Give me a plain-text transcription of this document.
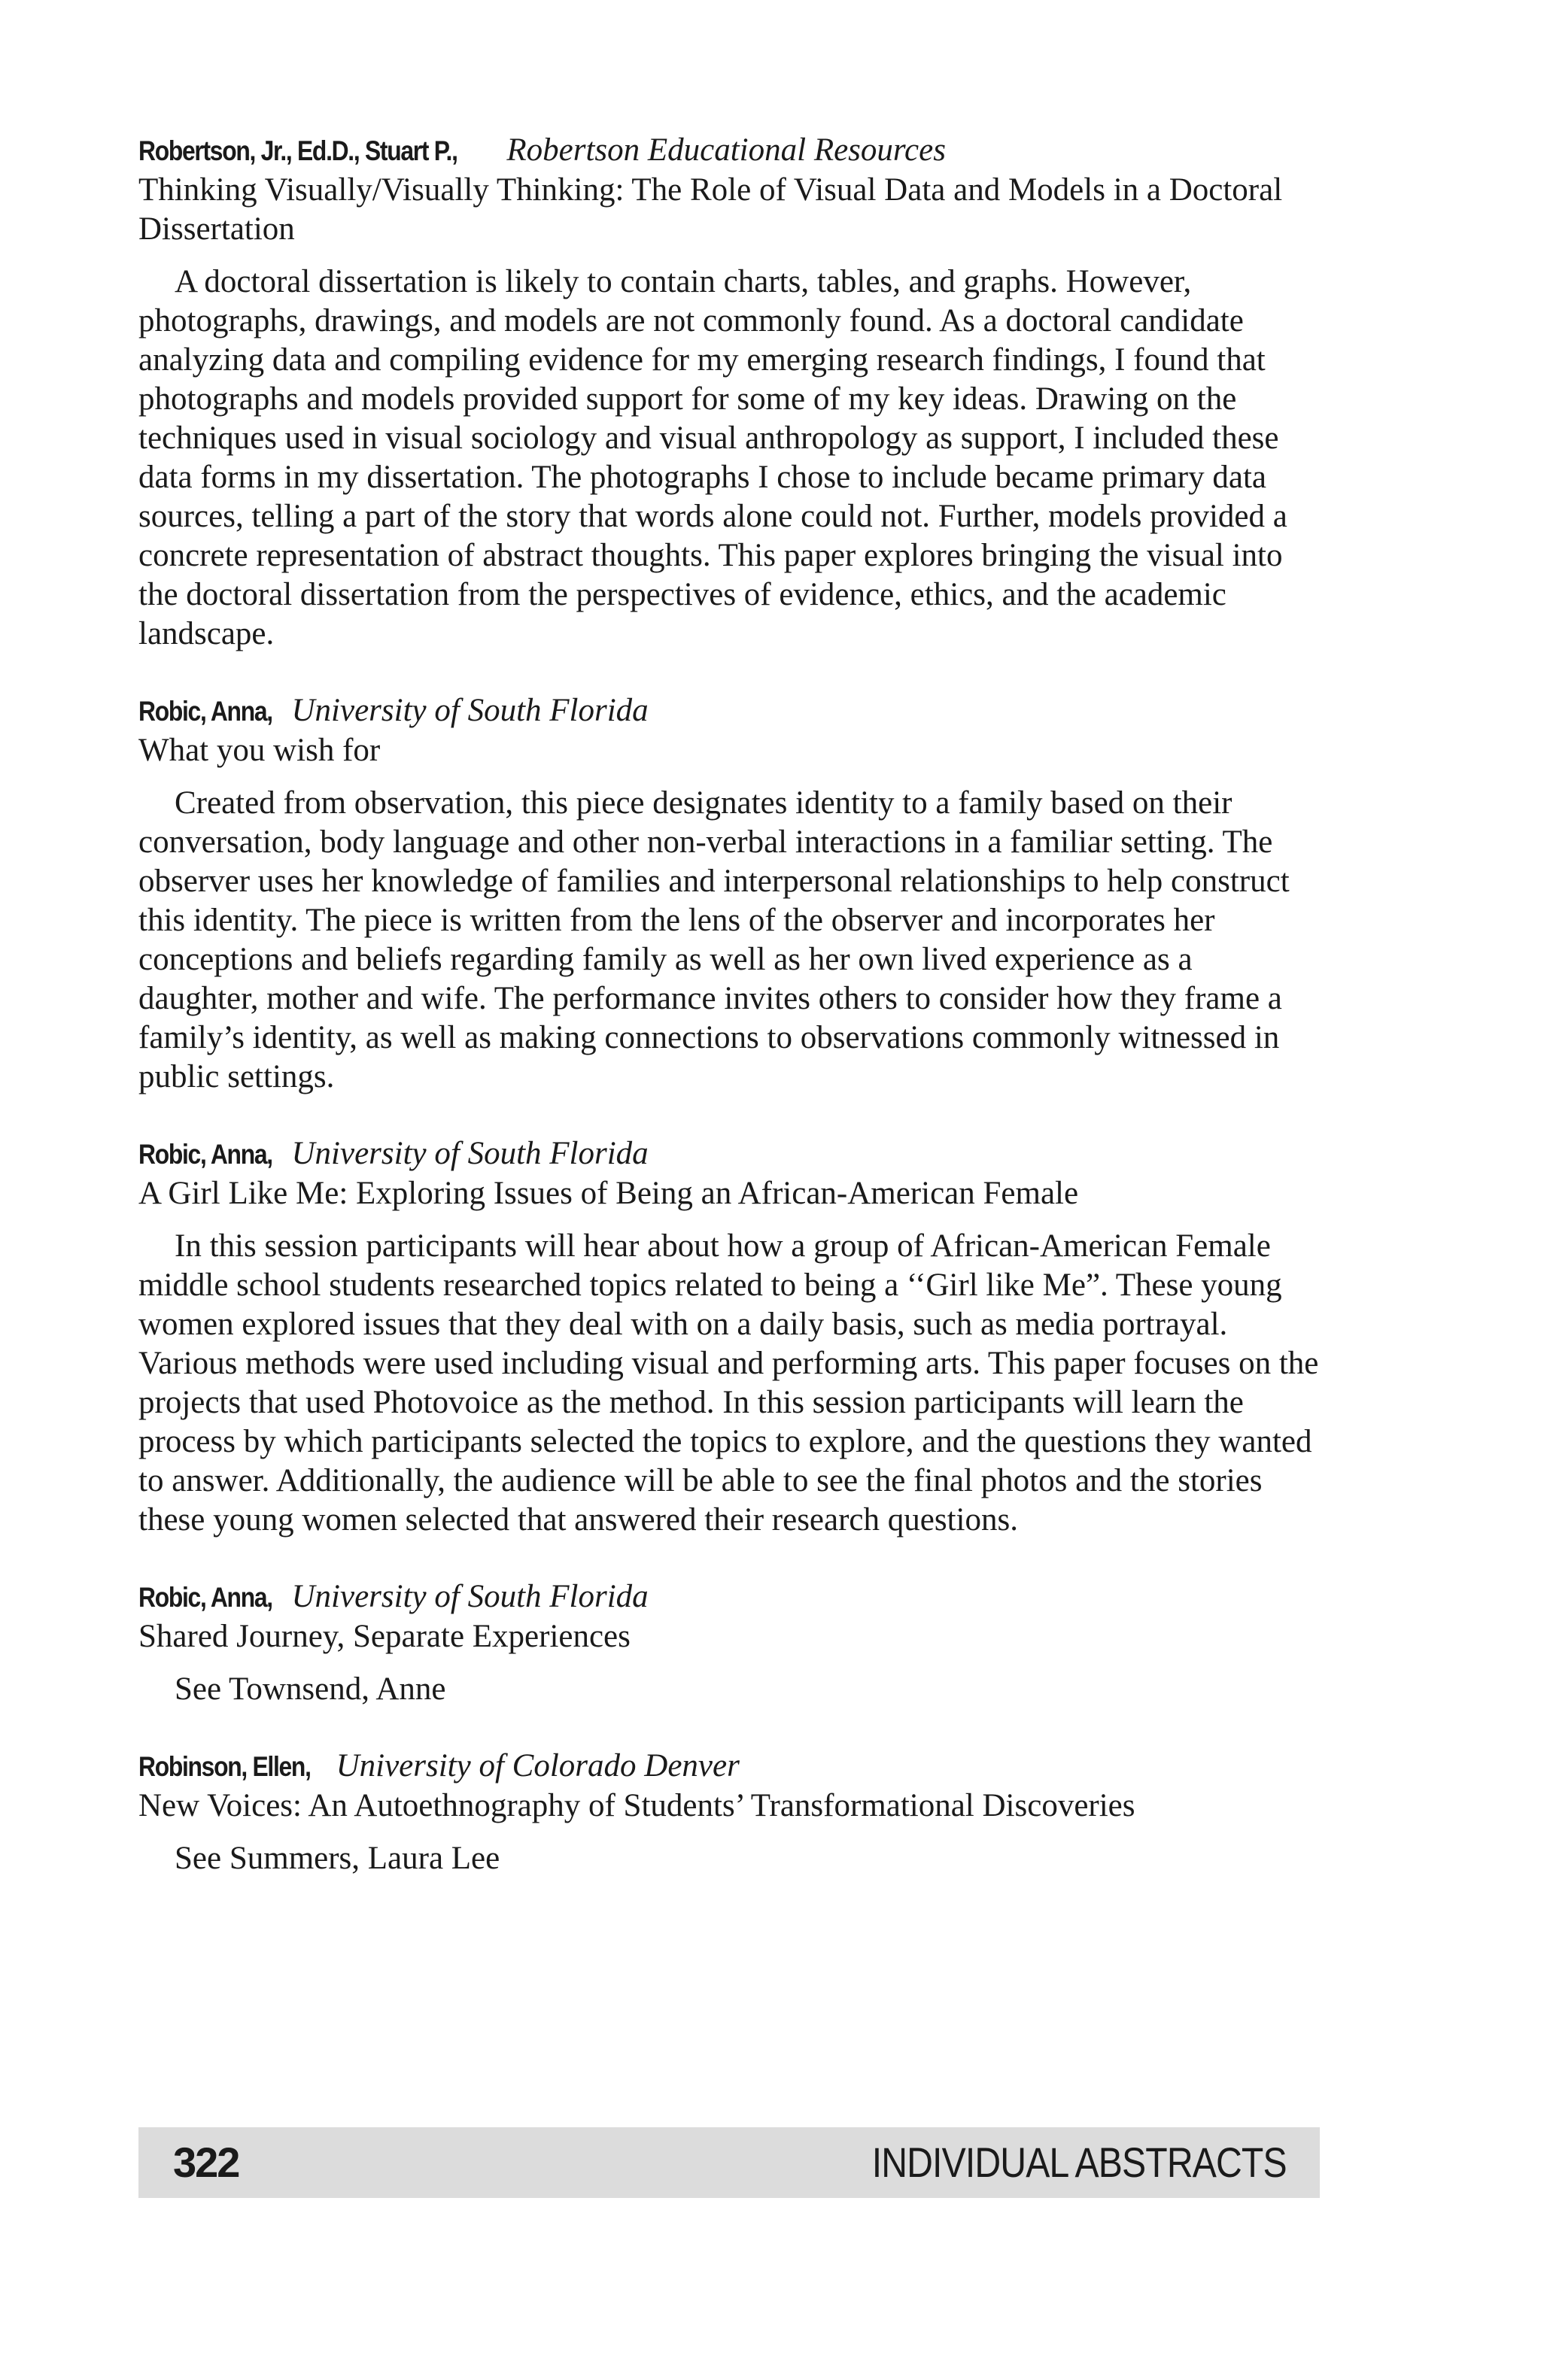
Robertson, Jr., Ed.D., Stuart P., Robertson Educational Resources
Thinking Visually/Visually Thinking: The Role of Visual Data and Models in a Doctoral Dissertation
A doctoral dissertation is likely to contain charts, tables, and graphs. However, photographs, drawings, and models are not commonly found. As a doctoral candidate analyzing data and compiling evidence for my emerging research findings, I found that photographs and models provided support for some of my key ideas. Drawing on the techniques used in visual sociology and visual anthropology as support, I included these data forms in my dissertation. The photographs I chose to include became primary data sources, telling a part of the story that words alone could not. Further, models provided a concrete representation of abstract thoughts. This paper explores bringing the visual into the doctoral dissertation from the perspectives of evidence, ethics, and the academic landscape.
Robic, Anna, University of South Florida
What you wish for
Created from observation, this piece designates identity to a family based on their conversation, body language and other non-verbal interactions in a familiar setting. The observer uses her knowledge of families and interpersonal relationships to help construct this identity. The piece is written from the lens of the observer and incorporates her conceptions and beliefs regarding family as well as her own lived experience as a daughter, mother and wife. The performance invites others to consider how they frame a family’s identity, as well as making connections to observations commonly witnessed in public settings.
Robic, Anna, University of South Florida
A Girl Like Me: Exploring Issues of Being an African-American Female
In this session participants will hear about how a group of African-American Female middle school students researched topics related to being a ‘‘Girl like Me”. These young women explored issues that they deal with on a daily basis, such as media portrayal. Various methods were used including visual and performing arts. This paper focuses on the projects that used Photovoice as the method. In this session participants will learn the process by which participants selected the topics to explore, and the questions they wanted to answer. Additionally, the audience will be able to see the final photos and the stories these young women selected that answered their research questions.
Robic, Anna, University of South Florida
Shared Journey, Separate Experiences
See Townsend, Anne
Robinson, Ellen, University of Colorado Denver
New Voices: An Autoethnography of Students’ Transformational Discoveries
See Summers, Laura Lee
322	INDIVIDUAL ABSTRACTS
